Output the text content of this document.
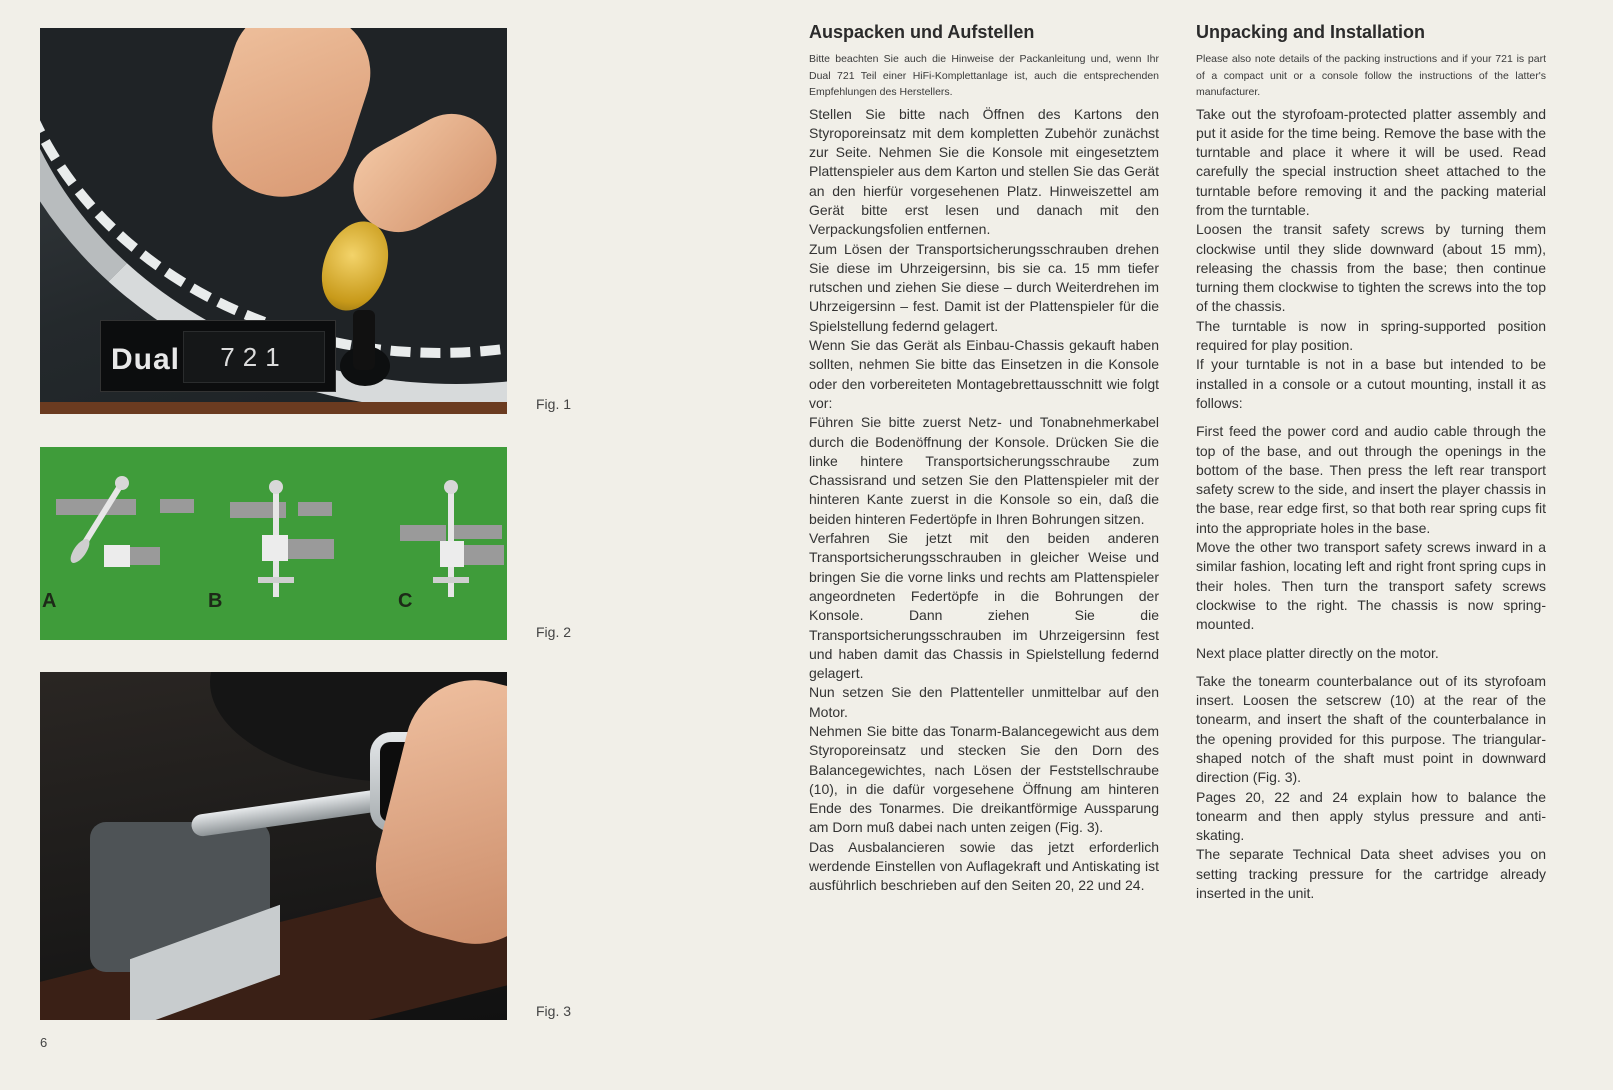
Dual	721
Fig. 1
A	B	C
Fig. 2
Fig. 3
Auspacken und Aufstellen
Bitte beachten Sie auch die Hinweise der Packanleitung und, wenn Ihr Dual 721 Teil einer HiFi-Komplettanlage ist, auch die entsprechenden Empfehlungen des Herstellers.

Stellen Sie bitte nach Öffnen des Kartons den Styroporeinsatz mit dem kompletten Zubehör zunächst zur Seite. Nehmen Sie die Konsole mit eingesetztem Plattenspieler aus dem Karton und stellen Sie das Gerät an den hierfür vorgesehenen Platz. Hinweiszettel am Gerät bitte erst lesen und danach mit den Verpackungsfolien entfernen.

Zum Lösen der Transportsicherungsschrauben drehen Sie diese im Uhrzeigersinn, bis sie ca. 15 mm tiefer rutschen und ziehen Sie diese – durch Weiterdrehen im Uhrzeigersinn – fest. Damit ist der Plattenspieler für die Spielstellung federnd gelagert.

Wenn Sie das Gerät als Einbau-Chassis gekauft haben sollten, nehmen Sie bitte das Einsetzen in die Konsole oder den vorbereiteten Montagebrettausschnitt wie folgt vor:

Führen Sie bitte zuerst Netz- und Tonabnehmerkabel durch die Bodenöffnung der Konsole. Drücken Sie die linke hintere Transportsicherungsschraube zum Chassisrand und setzen Sie den Plattenspieler mit der hinteren Kante zuerst in die Konsole so ein, daß die beiden hinteren Federtöpfe in Ihren Bohrungen sitzen.

Verfahren Sie jetzt mit den beiden anderen Transportsicherungsschrauben in gleicher Weise und bringen Sie die vorne links und rechts am Plattenspieler angeordneten Federtöpfe in die Bohrungen der Konsole. Dann ziehen Sie die Transportsicherungsschrauben im Uhrzeigersinn fest und haben damit das Chassis in Spielstellung federnd gelagert.

Nun setzen Sie den Plattenteller unmittelbar auf den Motor.

Nehmen Sie bitte das Tonarm-Balancegewicht aus dem Styroporeinsatz und stecken Sie den Dorn des Balancegewichtes, nach Lösen der Feststellschraube (10), in die dafür vorgesehene Öffnung am hinteren Ende des Tonarmes. Die dreikantförmige Aussparung am Dorn muß dabei nach unten zeigen (Fig. 3).

Das Ausbalancieren sowie das jetzt erforderlich werdende Einstellen von Auflagekraft und Antiskating ist ausführlich beschrieben auf den Seiten 20, 22 und 24.

Unpacking and Installation
Please also note details of the packing instructions and if your 721 is part of a compact unit or a console follow the instructions of the latter's manufacturer.

Take out the styrofoam-protected platter assembly and put it aside for the time being. Remove the base with the turntable and place it where it will be used. Read carefully the special instruction sheet attached to the turntable before removing it and the packing material from the turntable.

Loosen the transit safety screws by turning them clockwise until they slide downward (about 15 mm), releasing the chassis from the base; then continue turning them clockwise to tighten the screws into the top of the chassis.

The turntable is now in spring-supported position required for play position.

If your turntable is not in a base but intended to be installed in a console or a cutout mounting, install it as follows:

First feed the power cord and audio cable through the top of the base, and out through the openings in the bottom of the base. Then press the left rear transport safety screw to the side, and insert the player chassis in the base, rear edge first, so that both rear spring cups fit into the appropriate holes in the base.

Move the other two transport safety screws inward in a similar fashion, locating left and right front spring cups in their holes. Then turn the transport safety screws clockwise to the right. The chassis is now spring-mounted.

Next place platter directly on the motor.

Take the tonearm counterbalance out of its styrofoam insert. Loosen the setscrew (10) at the rear of the tonearm, and insert the shaft of the counterbalance in the opening provided for this purpose. The triangular-shaped notch of the shaft must point in downward direction (Fig. 3).

Pages 20, 22 and 24 explain how to balance the tonearm and then apply stylus pressure and anti-skating.

The separate Technical Data sheet advises you on setting tracking pressure for the cartridge already inserted in the unit.

6
